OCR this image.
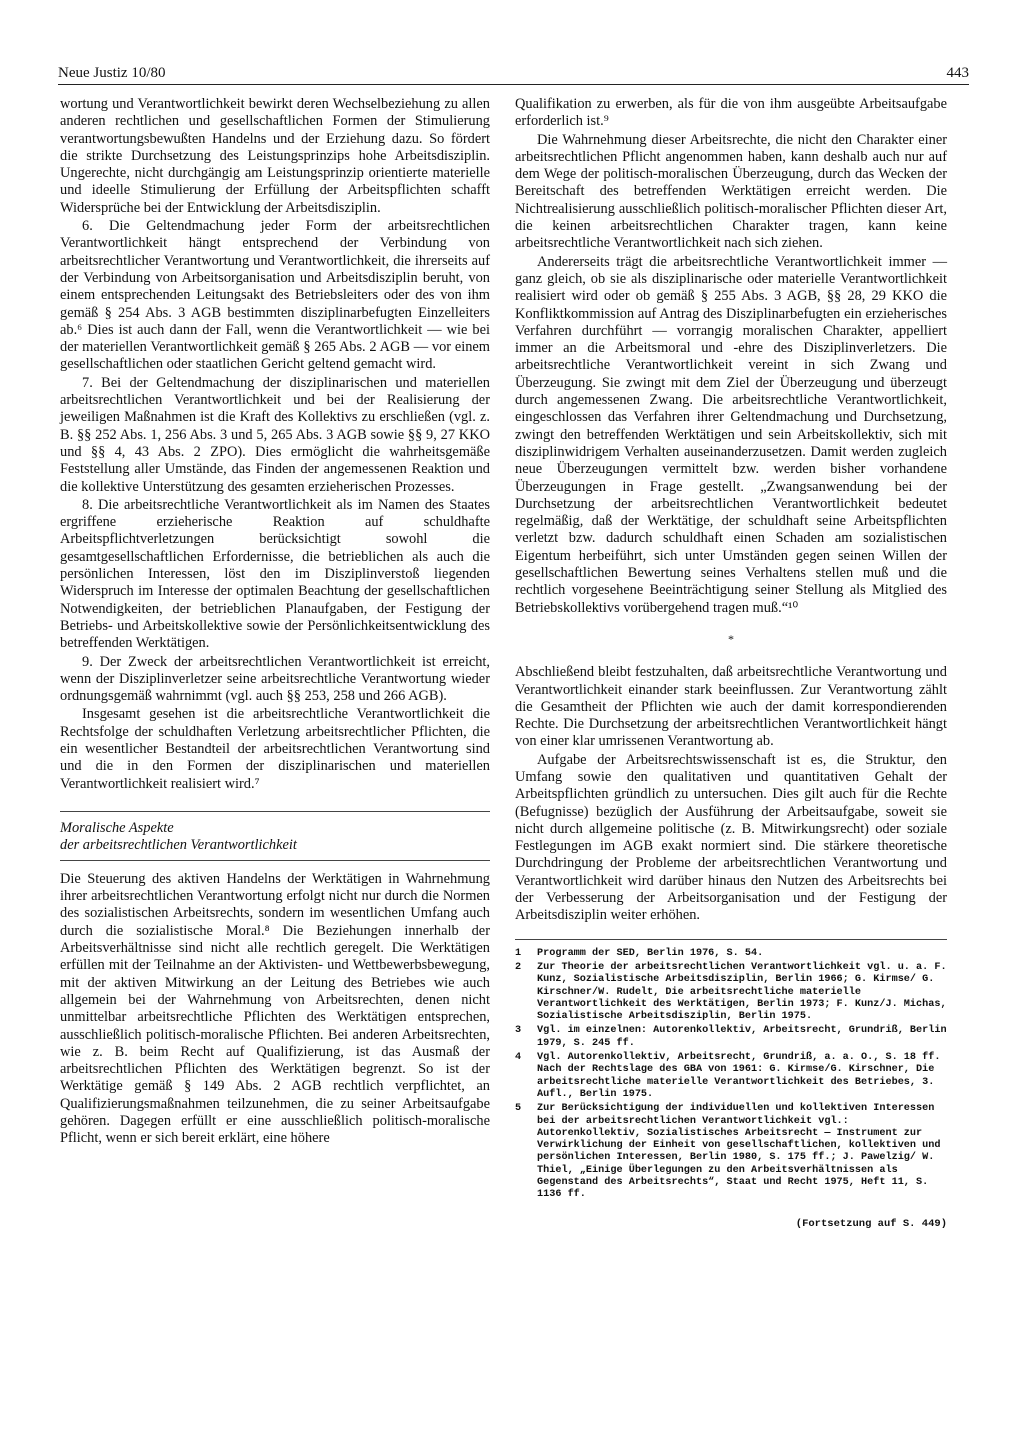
Neue Justiz 10/80	443

wortung und Verantwortlichkeit bewirkt deren Wechselbeziehung zu allen anderen rechtlichen und gesellschaftlichen Formen der Stimulierung verantwortungsbewußten Handelns und der Erziehung dazu. So fördert die strikte Durchsetzung des Leistungsprinzips hohe Arbeitsdisziplin. Ungerechte, nicht durchgängig am Leistungsprinzip orientierte materielle und ideelle Stimulierung der Erfüllung der Arbeitspflichten schafft Widersprüche bei der Entwicklung der Arbeitsdisziplin.

6. Die Geltendmachung jeder Form der arbeitsrechtlichen Verantwortlichkeit hängt entsprechend der Verbindung von arbeitsrechtlicher Verantwortung und Verantwortlichkeit, die ihrerseits auf der Verbindung von Arbeitsorganisation und Arbeitsdisziplin beruht, von einem entsprechenden Leitungsakt des Betriebsleiters oder des von ihm gemäß § 254 Abs. 3 AGB bestimmten disziplinarbefugten Einzelleiters ab.⁶ Dies ist auch dann der Fall, wenn die Verantwortlichkeit — wie bei der materiellen Verantwortlichkeit gemäß § 265 Abs. 2 AGB — vor einem gesellschaftlichen oder staatlichen Gericht geltend gemacht wird.

7. Bei der Geltendmachung der disziplinarischen und materiellen arbeitsrechtlichen Verantwortlichkeit und bei der Realisierung der jeweiligen Maßnahmen ist die Kraft des Kollektivs zu erschließen (vgl. z. B. §§ 252 Abs. 1, 256 Abs. 3 und 5, 265 Abs. 3 AGB sowie §§ 9, 27 KKO und §§ 4, 43 Abs. 2 ZPO). Dies ermöglicht die wahrheitsgemäße Feststellung aller Umstände, das Finden der angemessenen Reaktion und die kollektive Unterstützung des gesamten erzieherischen Prozesses.

8. Die arbeitsrechtliche Verantwortlichkeit als im Namen des Staates ergriffene erzieherische Reaktion auf schuldhafte Arbeitspflichtverletzungen berücksichtigt sowohl die gesamtgesellschaftlichen Erfordernisse, die betrieblichen als auch die persönlichen Interessen, löst den im Disziplinverstoß liegenden Widerspruch im Interesse der optimalen Beachtung der gesellschaftlichen Notwendigkeiten, der betrieblichen Planaufgaben, der Festigung der Betriebs- und Arbeitskollektive sowie der Persönlichkeitsentwicklung des betreffenden Werktätigen.

9. Der Zweck der arbeitsrechtlichen Verantwortlichkeit ist erreicht, wenn der Disziplinverletzer seine arbeitsrechtliche Verantwortung wieder ordnungsgemäß wahrnimmt (vgl. auch §§ 253, 258 und 266 AGB).

Insgesamt gesehen ist die arbeitsrechtliche Verantwortlichkeit die Rechtsfolge der schuldhaften Verletzung arbeitsrechtlicher Pflichten, die ein wesentlicher Bestandteil der arbeitsrechtlichen Verantwortung sind und die in den Formen der disziplinarischen und materiellen Verantwortlichkeit realisiert wird.⁷

Moralische Aspekte
der arbeitsrechtlichen Verantwortlichkeit

Die Steuerung des aktiven Handelns der Werktätigen in Wahrnehmung ihrer arbeitsrechtlichen Verantwortung erfolgt nicht nur durch die Normen des sozialistischen Arbeitsrechts, sondern im wesentlichen Umfang auch durch die sozialistische Moral.⁸ Die Beziehungen innerhalb der Arbeitsverhältnisse sind nicht alle rechtlich geregelt. Die Werktätigen erfüllen mit der Teilnahme an der Aktivisten- und Wettbewerbsbewegung, mit der aktiven Mitwirkung an der Leitung des Betriebes wie auch allgemein bei der Wahrnehmung von Arbeitsrechten, denen nicht unmittelbar arbeitsrechtliche Pflichten des Werktätigen entsprechen, ausschließlich politisch-moralische Pflichten. Bei anderen Arbeitsrechten, wie z. B. beim Recht auf Qualifizierung, ist das Ausmaß der arbeitsrechtlichen Pflichten des Werktätigen begrenzt. So ist der Werktätige gemäß § 149 Abs. 2 AGB rechtlich verpflichtet, an Qualifizierungsmaßnahmen teilzunehmen, die zu seiner Arbeitsaufgabe gehören. Dagegen erfüllt er eine ausschließlich politisch-moralische Pflicht, wenn er sich bereit erklärt, eine höhere

Qualifikation zu erwerben, als für die von ihm ausgeübte Arbeitsaufgabe erforderlich ist.⁹

Die Wahrnehmung dieser Arbeitsrechte, die nicht den Charakter einer arbeitsrechtlichen Pflicht angenommen haben, kann deshalb auch nur auf dem Wege der politisch-moralischen Überzeugung, durch das Wecken der Bereitschaft des betreffenden Werktätigen erreicht werden. Die Nichtrealisierung ausschließlich politisch-moralischer Pflichten dieser Art, die keinen arbeitsrechtlichen Charakter tragen, kann keine arbeitsrechtliche Verantwortlichkeit nach sich ziehen.

Andererseits trägt die arbeitsrechtliche Verantwortlichkeit immer — ganz gleich, ob sie als disziplinarische oder materielle Verantwortlichkeit realisiert wird oder ob gemäß § 255 Abs. 3 AGB, §§ 28, 29 KKO die Konfliktkommission auf Antrag des Disziplinarbefugten ein erzieherisches Verfahren durchführt — vorrangig moralischen Charakter, appelliert immer an die Arbeitsmoral und -ehre des Disziplinverletzers. Die arbeitsrechtliche Verantwortlichkeit vereint in sich Zwang und Überzeugung. Sie zwingt mit dem Ziel der Überzeugung und überzeugt durch angemessenen Zwang. Die arbeitsrechtliche Verantwortlichkeit, eingeschlossen das Verfahren ihrer Geltendmachung und Durchsetzung, zwingt den betreffenden Werktätigen und sein Arbeitskollektiv, sich mit disziplinwidrigem Verhalten auseinanderzusetzen. Damit werden zugleich neue Überzeugungen vermittelt bzw. werden bisher vorhandene Überzeugungen in Frage gestellt. „Zwangsanwendung bei der Durchsetzung der arbeitsrechtlichen Verantwortlichkeit bedeutet regelmäßig, daß der Werktätige, der schuldhaft seine Arbeitspflichten verletzt bzw. dadurch schuldhaft einen Schaden am sozialistischen Eigentum herbeiführt, sich unter Umständen gegen seinen Willen der gesellschaftlichen Bewertung seines Verhaltens stellen muß und die rechtlich vorgesehene Beeinträchtigung seiner Stellung als Mitglied des Betriebskollektivs vorübergehend tragen muß.“¹⁰

*

Abschließend bleibt festzuhalten, daß arbeitsrechtliche Verantwortung und Verantwortlichkeit einander stark beeinflussen. Zur Verantwortung zählt die Gesamtheit der Pflichten wie auch der damit korrespondierenden Rechte. Die Durchsetzung der arbeitsrechtlichen Verantwortlichkeit hängt von einer klar umrissenen Verantwortung ab.

Aufgabe der Arbeitsrechtswissenschaft ist es, die Struktur, den Umfang sowie den qualitativen und quantitativen Gehalt der Arbeitspflichten gründlich zu untersuchen. Dies gilt auch für die Rechte (Befugnisse) bezüglich der Ausführung der Arbeitsaufgabe, soweit sie nicht durch allgemeine politische (z. B. Mitwirkungsrecht) oder soziale Festlegungen im AGB exakt normiert sind. Die stärkere theoretische Durchdringung der Probleme der arbeitsrechtlichen Verantwortung und Verantwortlichkeit wird darüber hinaus den Nutzen des Arbeitsrechts bei der Verbesserung der Arbeitsorganisation und der Festigung der Arbeitsdisziplin weiter erhöhen.

1	Programm der SED, Berlin 1976, S. 54.
2	Zur Theorie der arbeitsrechtlichen Verantwortlichkeit vgl. u. a. F. Kunz, Sozialistische Arbeitsdisziplin, Berlin 1966; G. Kirmse/ G. Kirschner/W. Rudelt, Die arbeitsrechtliche materielle Verantwortlichkeit des Werktätigen, Berlin 1973; F. Kunz/J. Michas, Sozialistische Arbeitsdisziplin, Berlin 1975.
3	Vgl. im einzelnen: Autorenkollektiv, Arbeitsrecht, Grundriß, Berlin 1979, S. 245 ff.
4	Vgl. Autorenkollektiv, Arbeitsrecht, Grundriß, a. a. O., S. 18 ff. Nach der Rechtslage des GBA von 1961: G. Kirmse/G. Kirschner, Die arbeitsrechtliche materielle Verantwortlichkeit des Betriebes, 3. Aufl., Berlin 1975.
5	Zur Berücksichtigung der individuellen und kollektiven Interessen bei der arbeitsrechtlichen Verantwortlichkeit vgl.: Autorenkollektiv, Sozialistisches Arbeitsrecht — Instrument zur Verwirklichung der Einheit von gesellschaftlichen, kollektiven und persönlichen Interessen, Berlin 1980, S. 175 ff.; J. Pawelzig/ W. Thiel, „Einige Überlegungen zu den Arbeitsverhältnissen als Gegenstand des Arbeitsrechts“, Staat und Recht 1975, Heft 11, S. 1136 ff.
(Fortsetzung auf S. 449)
